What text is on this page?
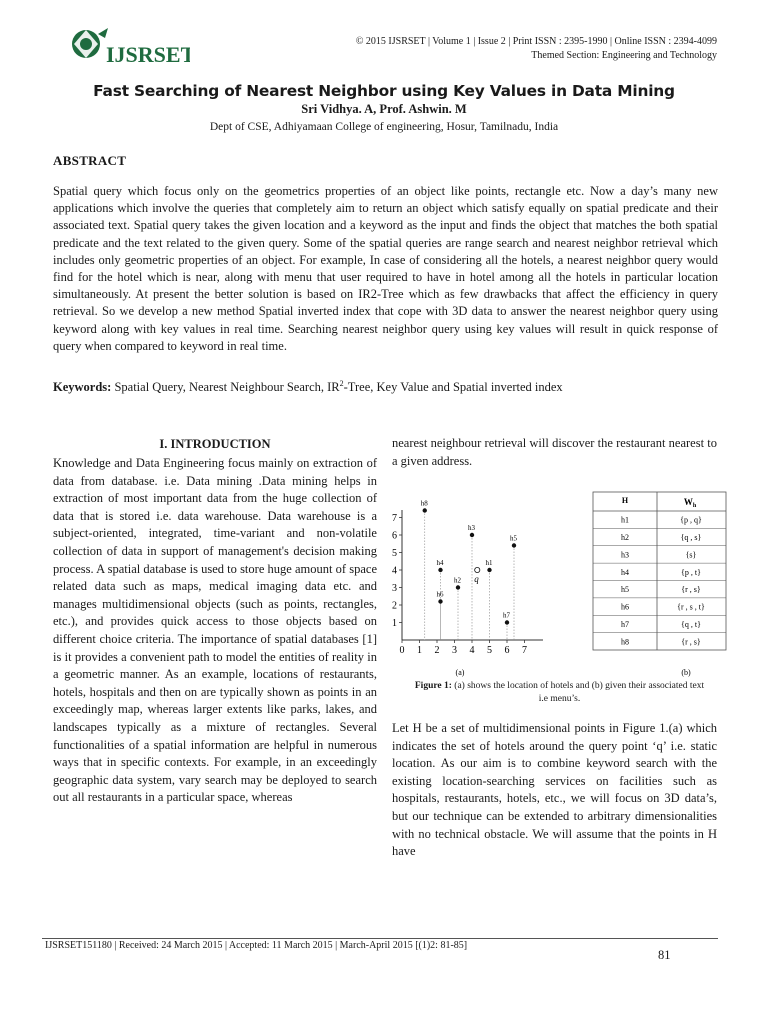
IJSRSET
© 2015 IJSRSET | Volume 1 | Issue 2 | Print ISSN : 2395-1990 | Online ISSN : 2394-4099
Themed Section: Engineering and Technology
Fast Searching of Nearest Neighbor using Key Values in Data Mining
Sri Vidhya. A, Prof. Ashwin. M
Dept of CSE, Adhiyamaan College of engineering, Hosur, Tamilnadu, India
ABSTRACT
Spatial query which focus only on the geometrics properties of an object like points, rectangle etc. Now a day’s many new applications which involve the queries that completely aim to return an object which satisfy equally on spatial predicate and their associated text. Spatial query takes the given location and a keyword as the input and finds the object that matches the both spatial predicate and the text related to the given query. Some of the spatial queries are range search and nearest neighbor retrieval which includes only geometric properties of an object. For example, In case of considering all the hotels, a nearest neighbor query would find for the hotel which is near, along with menu that user required to have in hotel among all the hotels in particular location simultaneously. At present the better solution is based on IR2-Tree which as few drawbacks that affect the efficiency in query retrieval. So we develop a new method Spatial inverted index that cope with 3D data to answer the nearest neighbor query using keyword along with key values in real time. Searching nearest neighbor query using key values will result in quick response of query when compared to keyword in real time.
Keywords: Spatial Query, Nearest Neighbour Search, $IR^2$-Tree, Key Value and Spatial inverted index
I. INTRODUCTION
Knowledge and Data Engineering focus mainly on extraction of data from database. i.e. Data mining .Data mining helps in extraction of most important data from the huge collection of data that is stored i.e. data warehouse. Data warehouse is a subject-oriented, integrated, time-variant and non-volatile collection of data in support of management's decision making process. A spatial database is used to store huge amount of space related data such as maps, medical imaging data etc. and manages multidimensional objects (such as points, rectangles, etc.), and provides quick access to those objects based on different choice criteria. The importance of spatial databases [1] is it provides a convenient path to model the entities of reality in a geometric manner. As an example, locations of restaurants, hotels, hospitals and then on are typically shown as points in an exceedingly map, whereas larger extents like parks, lakes, and landscapes typically as a mixture of rectangles. Several functionalities of a spatial information are helpful in numerous ways that in specific contexts. For example, in an exceedingly geographic data system, vary search may be deployed to search out all restaurants in a particular space, whereas
nearest neighbour retrieval will discover the restaurant nearest to a given address.
0 1 2 3 4 5 6 7
1
2
3
4
5
6
7
h8
h3
h5
h4	h1
h2
h6
h7
q
(a)
H	$W_h$
h1	{p , q}
h2	{q , s}
h3	{s}
h4	{p , t}
h5	{r , s}
h6	{r , s , t}
h7	{q , t}
h8	{r , s}
(b)
Figure 1: (a) shows the location of hotels and (b) given their associated text
i.e menu’s.
Let H be a set of multidimensional points in Figure 1.(a) which indicates the set of hotels around the query point ‘q’ i.e. static location. As our aim is to combine keyword search with the existing location-searching services on facilities such as hospitals, restaurants, hotels, etc., we will focus on 3D data’s, but our technique can be extended to arbitrary dimensionalities with no technical obstacle. We will assume that the points in H have
IJSRSET151180 | Received: 24 March 2015 | Accepted: 11 March 2015 | March-April 2015 [(1)2: 81-85]
81
